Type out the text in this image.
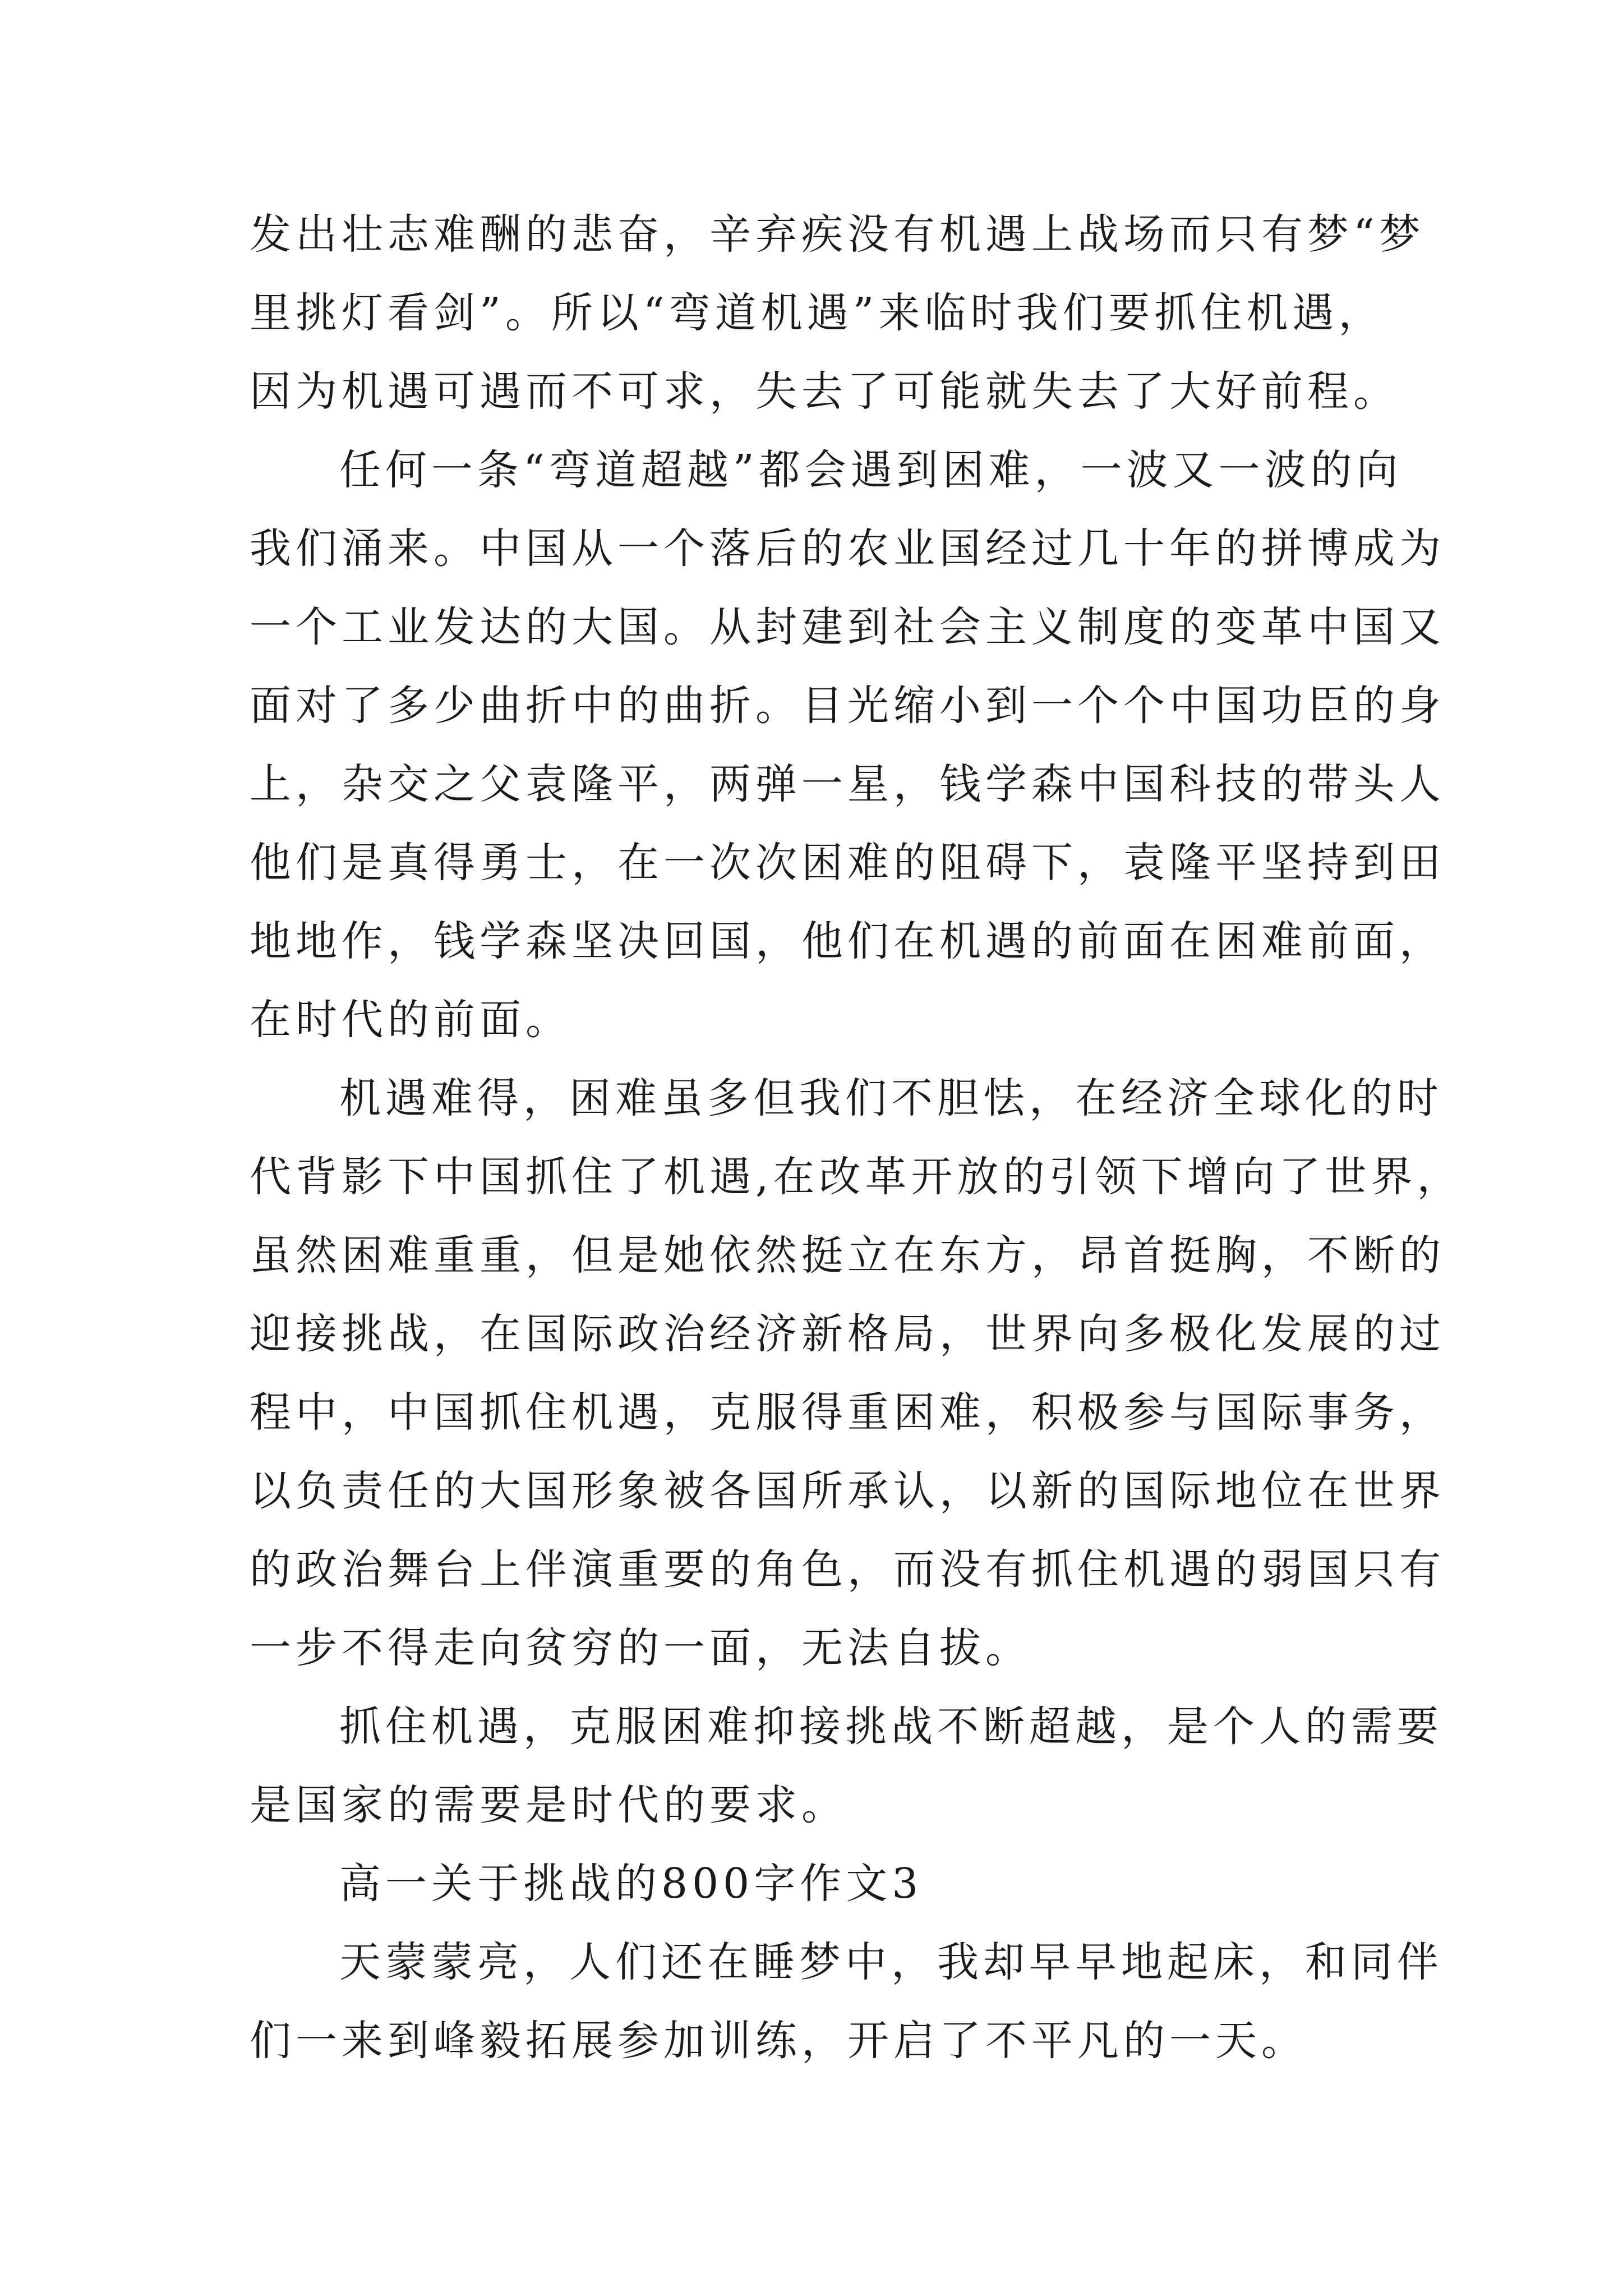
发出壮志难酬的悲奋，辛弃疾没有机遇上战场而只有梦“梦
里挑灯看剑”。所以“弯道机遇”来临时我们要抓住机遇，
因为机遇可遇而不可求，失去了可能就失去了大好前程。
任何一条“弯道超越”都会遇到困难，一波又一波的向
我们涌来。中国从一个落后的农业国经过几十年的拼博成为
一个工业发达的大国。从封建到社会主义制度的变革中国又
面对了多少曲折中的曲折。目光缩小到一个个中国功臣的身
上，杂交之父袁隆平，两弹一星，钱学森中国科技的带头人
他们是真得勇士，在一次次困难的阻碍下，袁隆平坚持到田
地地作，钱学森坚决回国，他们在机遇的前面在困难前面，
在时代的前面。
机遇难得，困难虽多但我们不胆怯，在经济全球化的时
代背影下中国抓住了机遇,在改革开放的引领下增向了世界，
虽然困难重重，但是她依然挺立在东方，昂首挺胸，不断的
迎接挑战，在国际政治经济新格局，世界向多极化发展的过
程中，中国抓住机遇，克服得重困难，积极参与国际事务，
以负责任的大国形象被各国所承认，以新的国际地位在世界
的政治舞台上伴演重要的角色，而没有抓住机遇的弱国只有
一步不得走向贫穷的一面，无法自拔。
抓住机遇，克服困难抑接挑战不断超越，是个人的需要
是国家的需要是时代的要求。
高一关于挑战的800字作文3
天蒙蒙亮，人们还在睡梦中，我却早早地起床，和同伴
们一来到峰毅拓展参加训练，开启了不平凡的一天。
